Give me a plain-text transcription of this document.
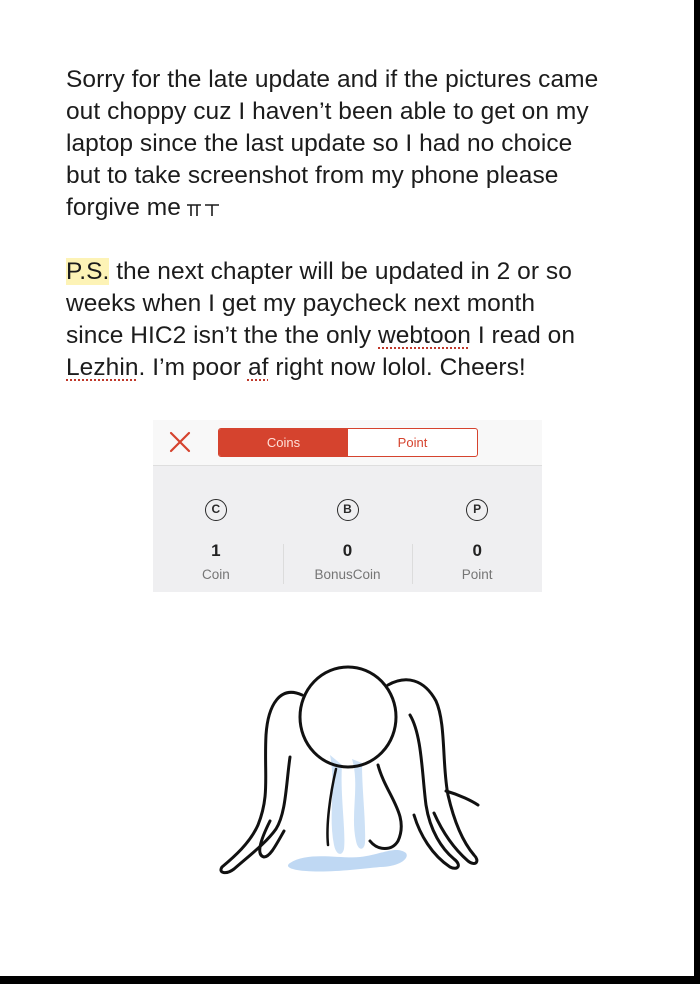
Sorry for the late update and if the pictures came
out choppy cuz I haven’t been able to get on my
laptop since the last update so I had no choice
but to take screenshot from my phone please
forgive me
P.S. the next chapter will be updated in 2 or so
weeks when I get my paycheck next month
since HIC2 isn’t the the only webtoon I read on
Lezhin. I’m poor af right now lolol. Cheers!
Coins	Point
C
1
Coin
B
0
BonusCoin
P
0
Point
